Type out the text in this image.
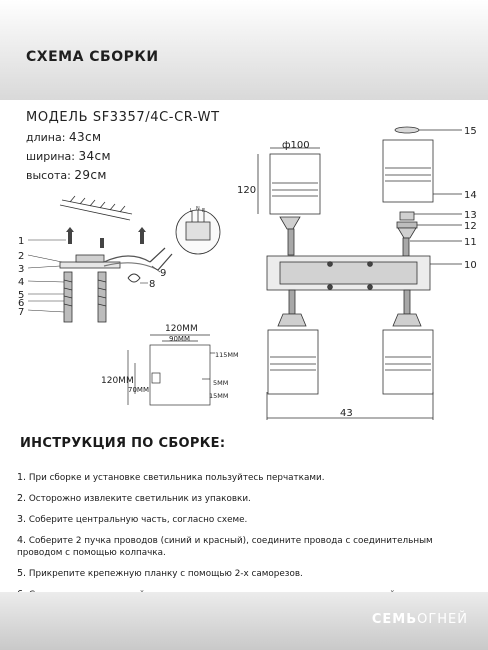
СХЕМА СБОРКИ
МОДЕЛЬ SF3357/4C-CR-WT
длина: 43см
ширина: 34см
высота: 29см
L N E
1
2
3
4
5
6
7
9
8
120MM
90MM
120MM
70MM
115MM
5MM
15MM
ф100
120
43
15
14
13
12
11
10
ИНСТРУКЦИЯ ПО СБОРКЕ:
1. При сборке и установке светильника пользуйтесь перчатками.
2. Осторожно извлеките светильник из упаковки.
3. Соберите центральную часть, согласно схеме.
4. Соберите 2 пучка проводов (синий и красный), соедините провода с соединительным проводом с помощью колпачка.
5. Прикрепите крепежную планку с помощью 2-х саморезов.
СЕМЬОГНЕЙ
